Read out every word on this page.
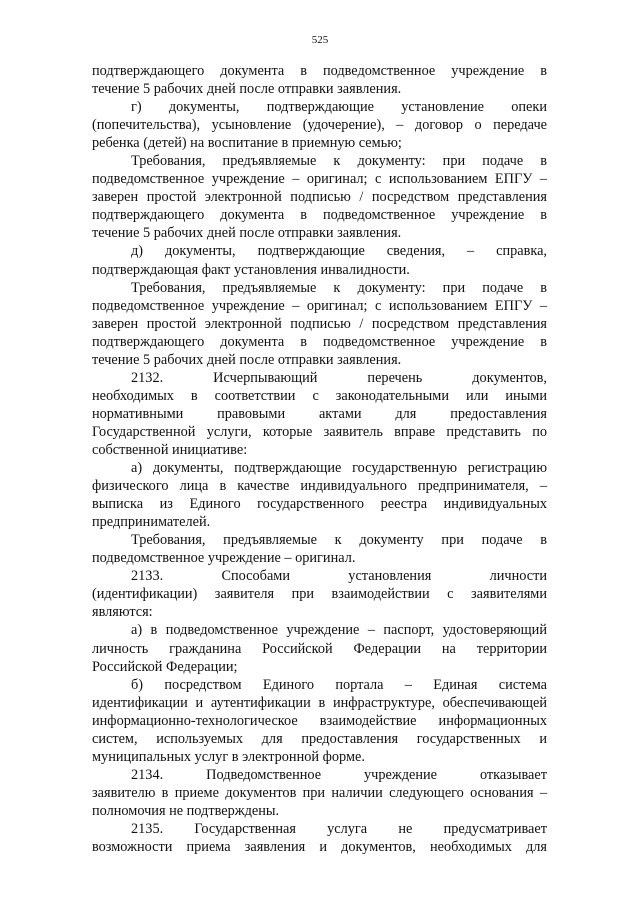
525
подтверждающего документа в подведомственное учреждение в
течение 5 рабочих дней после отправки заявления.
г) документы, подтверждающие установление опеки
(попечительства), усыновление (удочерение), – договор о передаче
ребенка (детей) на воспитание в приемную семью;
Требования, предъявляемые к документу: при подаче в
подведомственное учреждение – оригинал; с использованием ЕПГУ –
заверен простой электронной подписью / посредством представления
подтверждающего документа в подведомственное учреждение в
течение 5 рабочих дней после отправки заявления.
д) документы, подтверждающие сведения, – справка,
подтверждающая факт установления инвалидности.
Требования, предъявляемые к документу: при подаче в
подведомственное учреждение – оригинал; с использованием ЕПГУ –
заверен простой электронной подписью / посредством представления
подтверждающего документа в подведомственное учреждение в
течение 5 рабочих дней после отправки заявления.
2132. Исчерпывающий перечень документов,
необходимых в соответствии с законодательными или иными
нормативными правовыми актами для предоставления
Государственной услуги, которые заявитель вправе представить по
собственной инициативе:
а) документы, подтверждающие государственную регистрацию
физического лица в качестве индивидуального предпринимателя, –
выписка из Единого государственного реестра индивидуальных
предпринимателей.
Требования, предъявляемые к документу при подаче в
подведомственное учреждение – оригинал.
2133. Способами установления личности
(идентификации) заявителя при взаимодействии с заявителями
являются:
а) в подведомственное учреждение – паспорт, удостоверяющий
личность гражданина Российской Федерации на территории
Российской Федерации;
б) посредством Единого портала – Единая система
идентификации и аутентификации в инфраструктуре, обеспечивающей
информационно-технологическое взаимодействие информационных
систем, используемых для предоставления государственных и
муниципальных услуг в электронной форме.
2134. Подведомственное учреждение отказывает
заявителю в приеме документов при наличии следующего основания –
полномочия не подтверждены.
2135. Государственная услуга не предусматривает
возможности приема заявления и документов, необходимых для
